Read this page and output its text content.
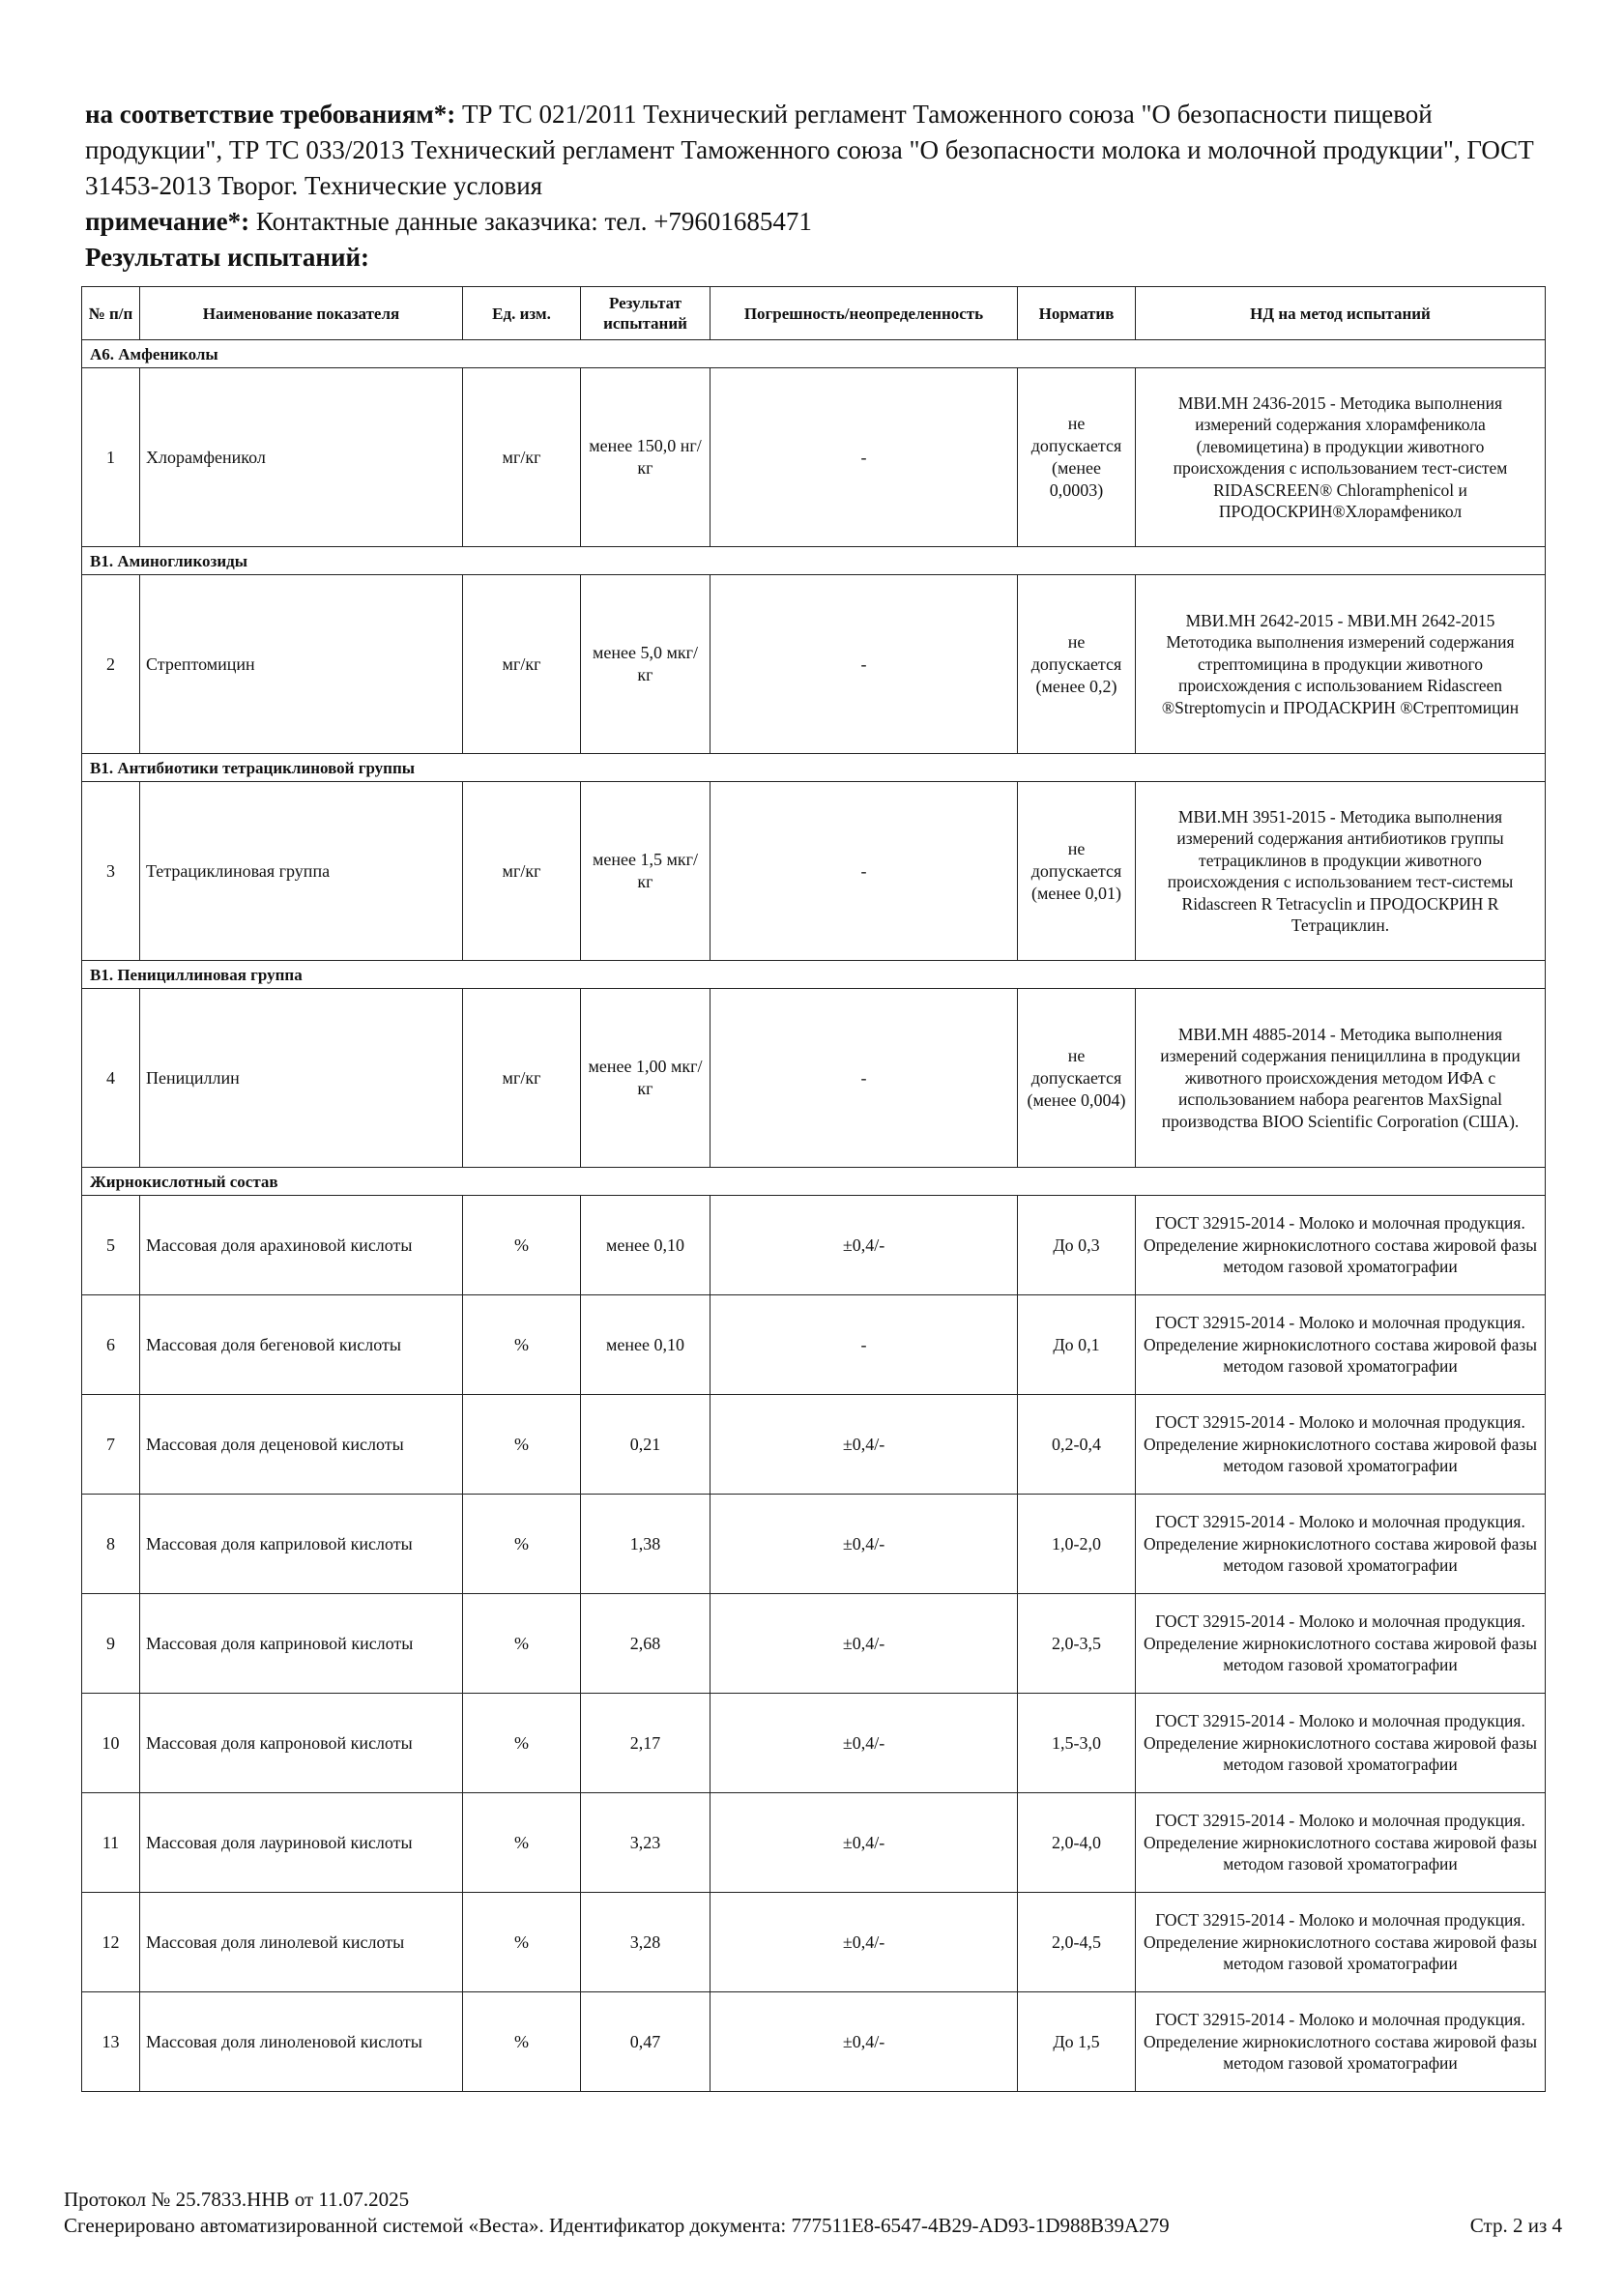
на соответствие требованиям*: ТР ТС 021/2011 Технический регламент Таможенного союза "О безопасности пищевой продукции", ТР ТС 033/2013 Технический регламент Таможенного союза "О безопасности молока и молочной продукции", ГОСТ 31453-2013 Творог. Технические условия

примечание*: Контактные данные заказчика: тел. +79601685471

Результаты испытаний:

№ п/п	Наименование показателя	Ед. изм.	Результат испытаний	Погрешность/неопределенность	Норматив	НД на метод испытаний
А6. Амфениколы						
1	Хлорамфеникол	мг/кг	менее 150,0 нг/кг	-	не допускается (менее 0,0003)	МВИ.МН 2436-2015 - Методика выполнения измерений содержания хлорамфеникола (левомицетина) в продукции животного происхождения с использованием тест-систем RIDASCREEN® Chloramphenicol и ПРОДОСКРИН®Хлорамфеникол
В1. Аминогликозиды						
2	Стрептомицин	мг/кг	менее 5,0 мкг/кг	-	не допускается (менее 0,2)	МВИ.МН 2642-2015 - МВИ.МН 2642-2015 Метотодика выполнения измерений содержания стрептомицина в продукции животного происхождения с использованием Ridascreen ®Streptomycin и ПРОДАСКРИН ®Стрептомицин
В1. Антибиотики тетрациклиновой группы						
3	Тетрациклиновая группа	мг/кг	менее 1,5 мкг/кг	-	не допускается (менее 0,01)	МВИ.МН 3951-2015 - Методика выполнения измерений содержания антибиотиков группы тетрациклинов в продукции животного происхождения с использованием тест-системы Ridascreen R Tetracyclin и ПРОДОСКРИН R Тетрациклин.
В1. Пенициллиновая группа						
4	Пенициллин	мг/кг	менее 1,00 мкг/кг	-	не допускается (менее 0,004)	МВИ.МН 4885-2014 - Методика выполнения измерений содержания пенициллина в продукции животного происхождения методом ИФА с использованием набора реагентов MaxSignal производства BIOO Scientific Corporation (США).
Жирнокислотный состав						
5	Массовая доля арахиновой кислоты	%	менее 0,10	±0,4/-	До 0,3	ГОСТ 32915-2014 - Молоко и молочная продукция. Определение жирнокислотного состава жировой фазы методом газовой хроматографии
6	Массовая доля бегеновой кислоты	%	менее 0,10	-	До 0,1	ГОСТ 32915-2014 - Молоко и молочная продукция. Определение жирнокислотного состава жировой фазы методом газовой хроматографии
7	Массовая доля деценовой кислоты	%	0,21	±0,4/-	0,2-0,4	ГОСТ 32915-2014 - Молоко и молочная продукция. Определение жирнокислотного состава жировой фазы методом газовой хроматографии
8	Массовая доля каприловой кислоты	%	1,38	±0,4/-	1,0-2,0	ГОСТ 32915-2014 - Молоко и молочная продукция. Определение жирнокислотного состава жировой фазы методом газовой хроматографии
9	Массовая доля каприновой кислоты	%	2,68	±0,4/-	2,0-3,5	ГОСТ 32915-2014 - Молоко и молочная продукция. Определение жирнокислотного состава жировой фазы методом газовой хроматографии
10	Массовая доля капроновой кислоты	%	2,17	±0,4/-	1,5-3,0	ГОСТ 32915-2014 - Молоко и молочная продукция. Определение жирнокислотного состава жировой фазы методом газовой хроматографии
11	Массовая доля лауриновой кислоты	%	3,23	±0,4/-	2,0-4,0	ГОСТ 32915-2014 - Молоко и молочная продукция. Определение жирнокислотного состава жировой фазы методом газовой хроматографии
12	Массовая доля линолевой кислоты	%	3,28	±0,4/-	2,0-4,5	ГОСТ 32915-2014 - Молоко и молочная продукция. Определение жирнокислотного состава жировой фазы методом газовой хроматографии
13	Массовая доля линоленовой кислоты	%	0,47	±0,4/-	До 1,5	ГОСТ 32915-2014 - Молоко и молочная продукция. Определение жирнокислотного состава жировой фазы методом газовой хроматографии

Протокол № 25.7833.ННВ от 11.07.2025

Сгенерировано автоматизированной системой «Веста». Идентификатор документа: 777511E8-6547-4B29-AD93-1D988B39A279	Стр. 2 из 4
